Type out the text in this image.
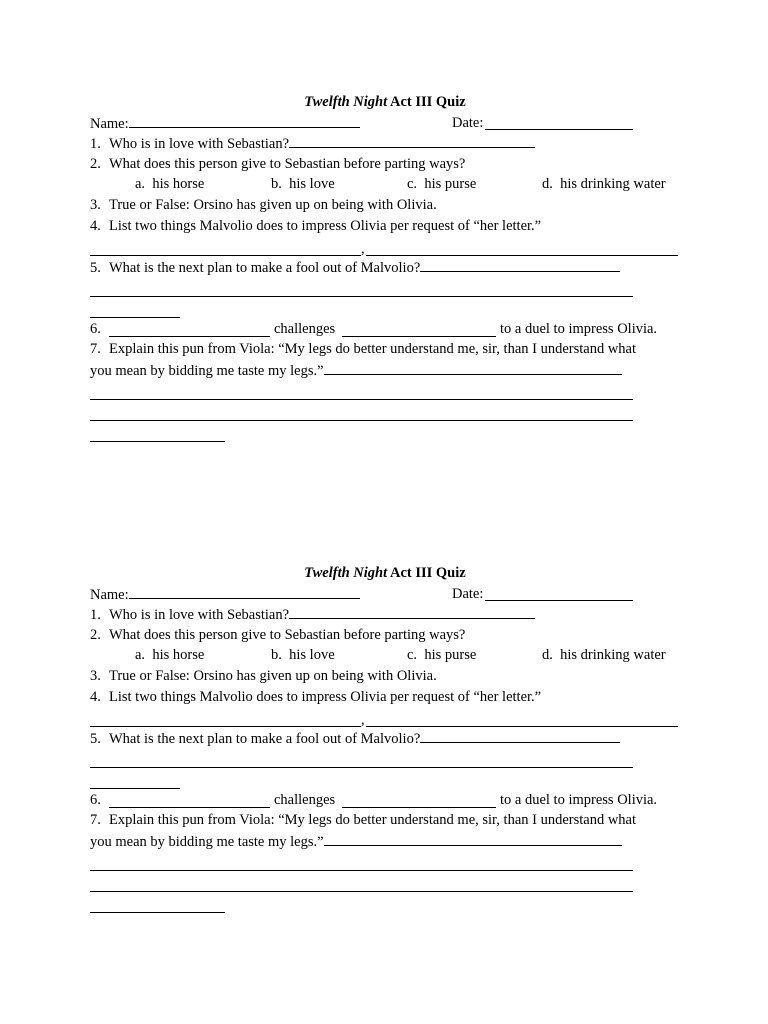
Twelfth Night Act III Quiz
Name:	Date:
1. Who is in love with Sebastian?
2. What does this person give to Sebastian before parting ways?
a. his horse	b. his love	c. his purse	d. his drinking water
3. True or False: Orsino has given up on being with Olivia.
4. List two things Malvolio does to impress Olivia per request of “her letter.”
,
5. What is the next plan to make a fool out of Malvolio?
6.	challenges	to a duel to impress Olivia.
7. Explain this pun from Viola: “My legs do better understand me, sir, than I understand what
you mean by bidding me taste my legs.”
Twelfth Night Act III Quiz
Name:	Date:
1. Who is in love with Sebastian?
2. What does this person give to Sebastian before parting ways?
a. his horse	b. his love	c. his purse	d. his drinking water
3. True or False: Orsino has given up on being with Olivia.
4. List two things Malvolio does to impress Olivia per request of “her letter.”
,
5. What is the next plan to make a fool out of Malvolio?
6.	challenges	to a duel to impress Olivia.
7. Explain this pun from Viola: “My legs do better understand me, sir, than I understand what
you mean by bidding me taste my legs.”
